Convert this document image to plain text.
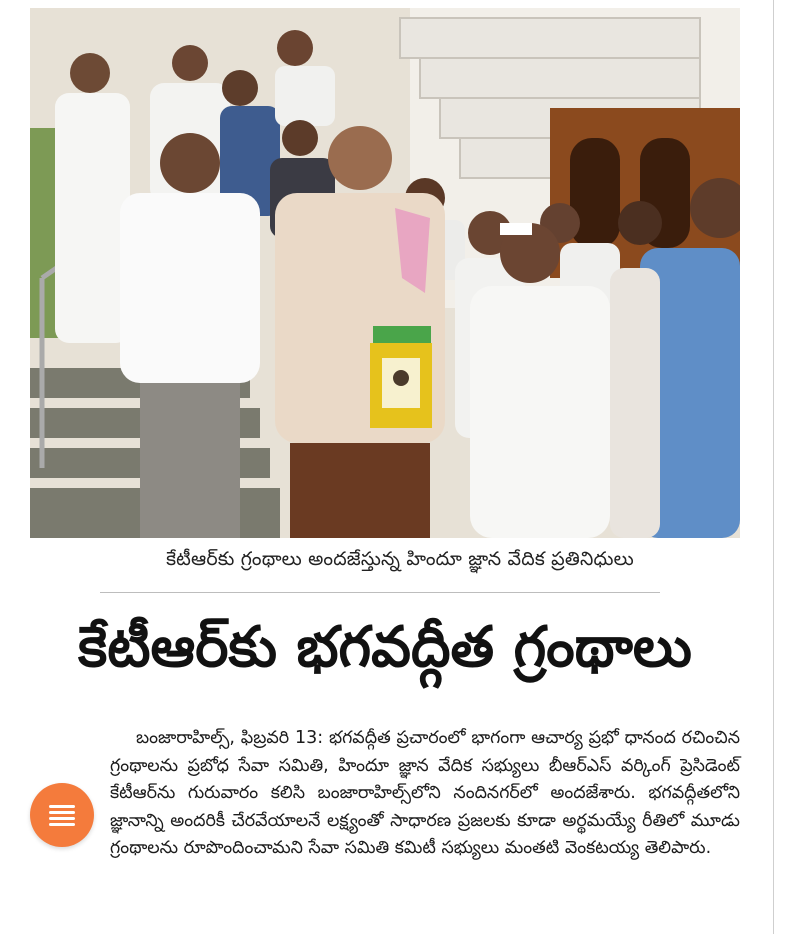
కేటీఆర్‌కు గ్రంథాలు అందజేస్తున్న హిందూ జ్ఞాన వేదిక ప్రతినిధులు
కేటీఆర్‌కు భగవద్గీత గ్రంథాలు

బంజారాహిల్స్‌, ఫిబ్రవరి 13: భగవద్గీత ప్రచారంలో భాగంగా ఆచార్య ప్రభో ధానంద రచించిన గ్రంథాలను ప్రబోధ సేవా సమితి, హిందూ జ్ఞాన వేదిక సభ్యులు బీఆర్‌ఎస్‌ వర్కింగ్‌ ప్రెసిడెంట్‌ కేటీఆర్‌ను గురువారం కలిసి బంజారాహిల్స్‌లోని నందినగర్‌లో అందజేశారు. భగవద్గీతలోని జ్ఞానాన్ని అందరికీ చేరవేయాలనే లక్ష్యంతో సాధారణ ప్రజలకు కూడా అర్థమయ్యే రీతిలో మూడు గ్రంథాలను రూపొందించామని సేవా సమితి కమిటీ సభ్యులు మంతటి వెంకటయ్య తెలిపారు.
